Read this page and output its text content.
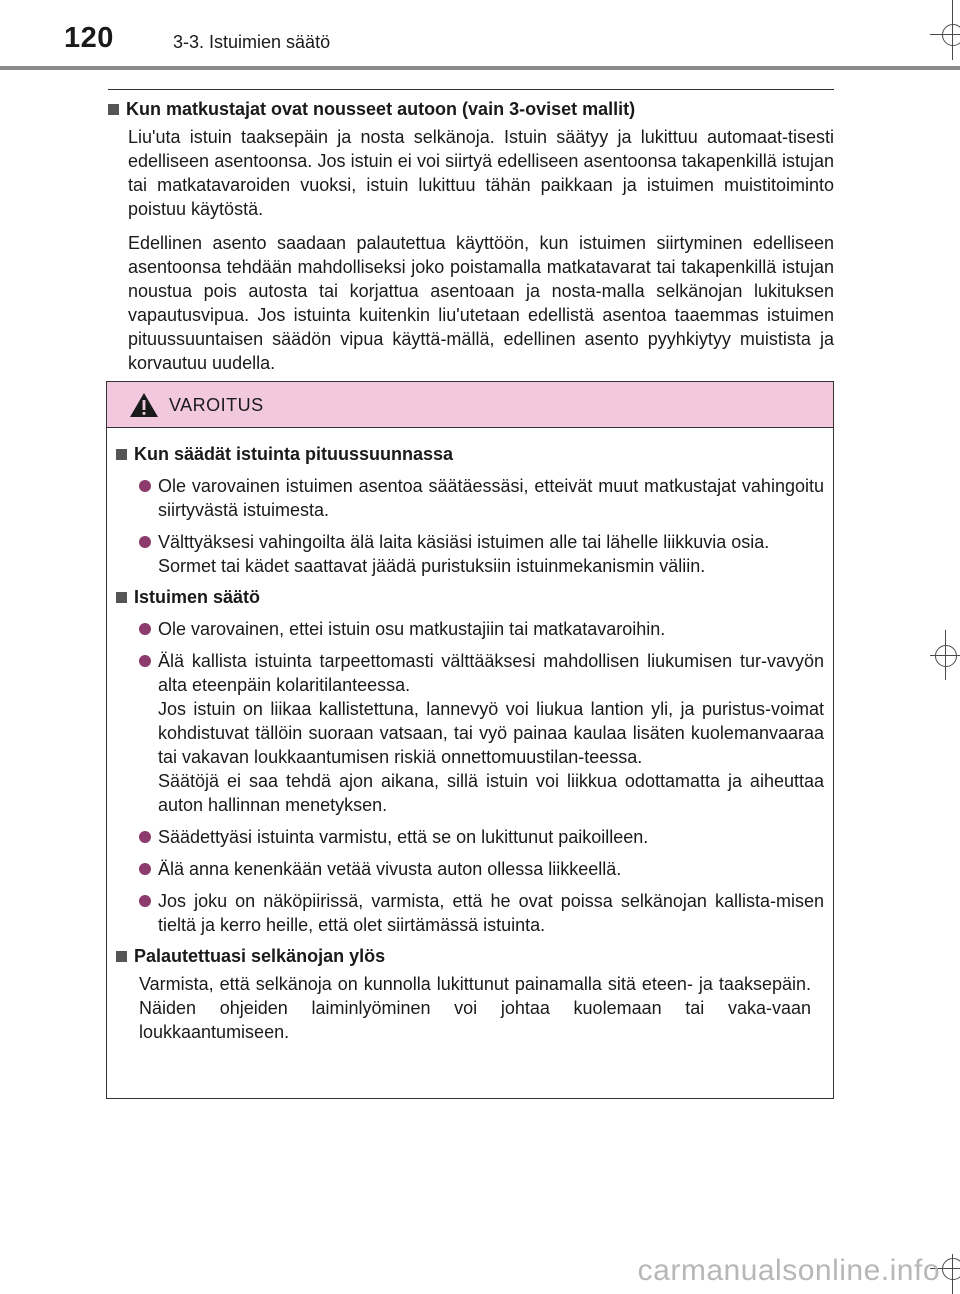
120	3-3. Istuimien säätö
Kun matkustajat ovat nousseet autoon (vain 3-oviset mallit)

Liu'uta istuin taaksepäin ja nosta selkänoja. Istuin säätyy ja lukittuu automaat-tisesti edelliseen asentoonsa. Jos istuin ei voi siirtyä edelliseen asentoonsa takapenkillä istujan tai matkatavaroiden vuoksi, istuin lukittuu tähän paikkaan ja istuimen muistitoiminto poistuu käytöstä.

Edellinen asento saadaan palautettua käyttöön, kun istuimen siirtyminen edelliseen asentoonsa tehdään mahdolliseksi joko poistamalla matkatavarat tai takapenkillä istujan noustua pois autosta tai korjattua asentoaan ja nosta-malla selkänojan lukituksen vapautusvipua. Jos istuinta kuitenkin liu'utetaan edellistä asentoa taaemmas istuimen pituussuuntaisen säädön vipua käyttä-mällä, edellinen asento pyyhkiytyy muistista ja korvautuu uudella.

VAROITUS
Kun säädät istuinta pituussuunnassa
Ole varovainen istuimen asentoa säätäessäsi, etteivät muut matkustajat vahingoitu siirtyvästä istuimesta.
Välttyäksesi vahingoilta älä laita käsiäsi istuimen alle tai lähelle liikkuvia osia.
Sormet tai kädet saattavat jäädä puristuksiin istuinmekanismin väliin.
Istuimen säätö
Ole varovainen, ettei istuin osu matkustajiin tai matkatavaroihin.
Älä kallista istuinta tarpeettomasti välttääksesi mahdollisen liukumisen tur-vavyön alta eteenpäin kolaritilanteessa.
Jos istuin on liikaa kallistettuna, lannevyö voi liukua lantion yli, ja puristus-voimat kohdistuvat tällöin suoraan vatsaan, tai vyö painaa kaulaa lisäten kuolemanvaaraa tai vakavan loukkaantumisen riskiä onnettomuustilan-teessa.
Säätöjä ei saa tehdä ajon aikana, sillä istuin voi liikkua odottamatta ja aiheuttaa auton hallinnan menetyksen.
Säädettyäsi istuinta varmistu, että se on lukittunut paikoilleen.
Älä anna kenenkään vetää vivusta auton ollessa liikkeellä.
Jos joku on näköpiirissä, varmista, että he ovat poissa selkänojan kallista-misen tieltä ja kerro heille, että olet siirtämässä istuinta.
Palautettuasi selkänojan ylös

Varmista, että selkänoja on kunnolla lukittunut painamalla sitä eteen- ja taaksepäin. Näiden ohjeiden laiminlyöminen voi johtaa kuolemaan tai vaka-vaan loukkaantumiseen.

carmanualsonline.info
